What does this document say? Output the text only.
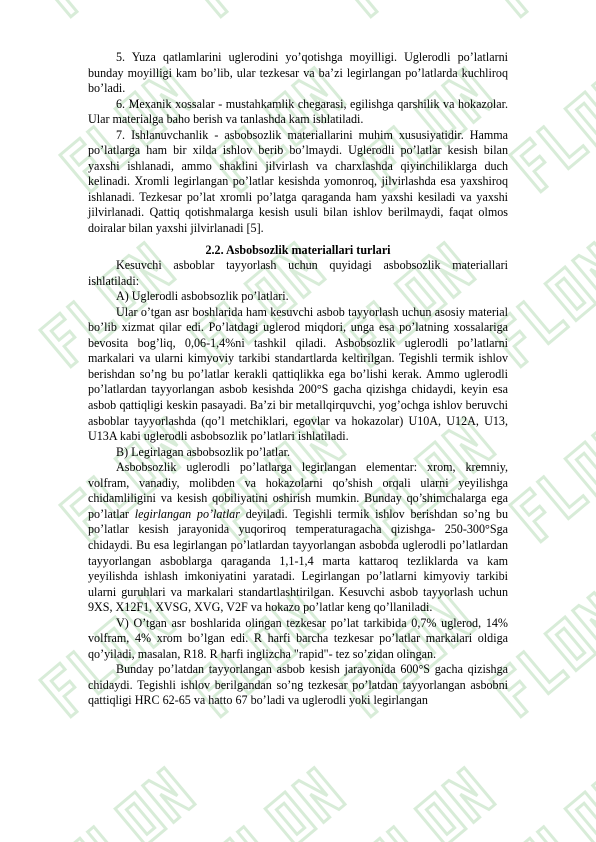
5. Yuza qatlamlarini uglerodini yo’qotishga moyilligi. Uglerodli po’latlarni bunday moyilligi kam bo’lib, ular tezkesar va ba’zi legirlangan po’latlarda kuchliroq bo’ladi.

6. Mexanik xossalar - mustahkamlik chegarasi, egilishga qarshilik va hokazolar. Ular materialga baho berish va tanlashda kam ishlatiladi.

7. Ishlanuvchanlik - asbobsozlik materiallarini muhim xususiyatidir. Hamma po’latlarga ham bir xilda ishlov berib bo’lmaydi. Uglerodli po’latlar kesish bilan yaxshi ishlanadi, ammo shaklini jilvirlash va charxlashda qiyinchiliklarga duch kelinadi. Xromli legirlangan po’latlar kesishda yomonroq, jilvirlashda esa yaxshiroq ishlanadi. Tezkesar po’lat xromli po’latga qaraganda ham yaxshi kesiladi va yaxshi jilvirlanadi. Qattiq qotishmalarga kesish usuli bilan ishlov berilmaydi, faqat olmos doiralar bilan yaxshi jilvirlanadi [5].

2.2. Asbobsozlik materiallari turlari

Kesuvchi asboblar tayyorlash uchun quyidagi asbobsozlik materiallari ishlatiladi:

A) Uglerodli asbobsozlik po’latlari.

Ular o’tgan asr boshlarida ham kesuvchi asbob tayyorlash uchun asosiy material bo’lib xizmat qilar edi. Po’latdagi uglerod miqdori, unga esa po’latning xossalariga bevosita bog’liq, 0,06-1,4%ni tashkil qiladi. Asbobsozlik uglerodli po’latlarni markalari va ularni kimyoviy tarkibi standartlarda keltirilgan. Tegishli termik ishlov berishdan so’ng bu po’latlar kerakli qattiqlikka ega bo’lishi kerak. Ammo uglerodli po’latlardan tayyorlangan asbob kesishda 200°S gacha qizishga chidaydi, keyin esa asbob qattiqligi keskin pasayadi. Ba’zi bir metallqirquvchi, yog’ochga ishlov beruvchi asboblar tayyorlashda (qo’l metchiklari, egovlar va hokazolar) U10A, U12A, U13, U13A kabi uglerodli asbobsozlik po’latlari ishlatiladi.

B) Legirlagan asbobsozlik po’latlar.

Asbobsozlik uglerodli po’latlarga legirlangan elementar: xrom, kremniy, volfram, vanadiy, molibden va hokazolarni qo’shish orqali ularni yeyilishga chidamliligini va kesish qobiliyatini oshirish mumkin. Bunday qo’shimchalarga ega po’latlar legirlangan po’latlar deyiladi. Tegishli termik ishlov berishdan so’ng bu po’latlar kesish jarayonida yuqoriroq temperaturagacha qizishga- 250-300°Sga chidaydi. Bu esa legirlangan po’latlardan tayyorlangan asbobda uglerodli po’latlardan tayyorlangan asboblarga qaraganda 1,1-1,4 marta kattaroq tezliklarda va kam yeyilishda ishlash imkoniyatini yaratadi. Legirlangan po’latlarni kimyoviy tarkibi ularni guruhlari va markalari standartlashtirilgan. Kesuvchi asbob tayyorlash uchun 9XS, X12F1, XVSG, XVG, V2F va hokazo po’latlar keng qo’llaniladi.

V) O’tgan asr boshlarida olingan tezkesar po’lat tarkibida 0,7% uglerod, 14% volfram, 4% xrom bo’lgan edi. R harfi barcha tezkesar po’latlar markalari oldiga qo’yiladi, masalan, R18. R harfi inglizcha "rapid"- tez so’zidan olingan.

Bunday po’latdan tayyorlangan asbob kesish jarayonida 600°S gacha qizishga chidaydi. Tegishli ishlov berilgandan so’ng tezkesar po’latdan tayyorlangan asbobni qattiqligi HRC 62-65 va hatto 67 bo’ladi va uglerodli yoki legirlangan
